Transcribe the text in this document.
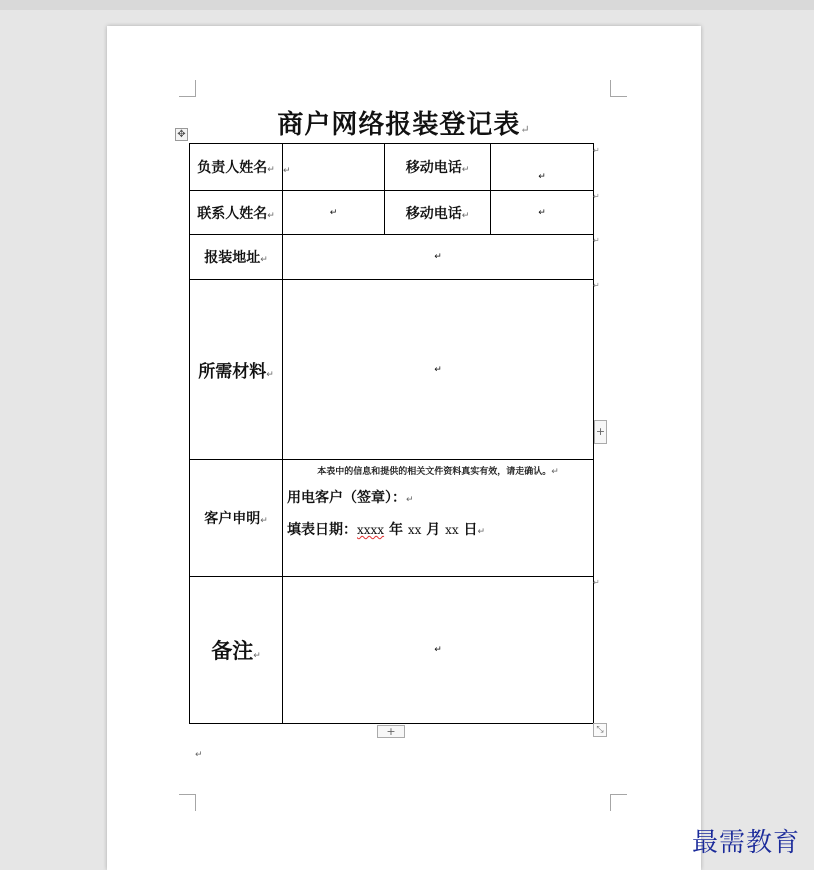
商户网络报装登记表↵
✥
负责人姓名↵	↵	移动电话↵	↵
联系人姓名↵	↵	移动电话↵	↵
报装地址↵	↵		
所需材料↵	↵		
客户申明↵	本表中的信息和提供的相关文件资料真实有效，请走确认。↵
用电客户（签章）：↵
填表日期：xxxx 年 xx 月 xx 日↵		

备注↵	↵		
↵
↵
↵
↵
↵
+
+	⤡
↵
最需教育
